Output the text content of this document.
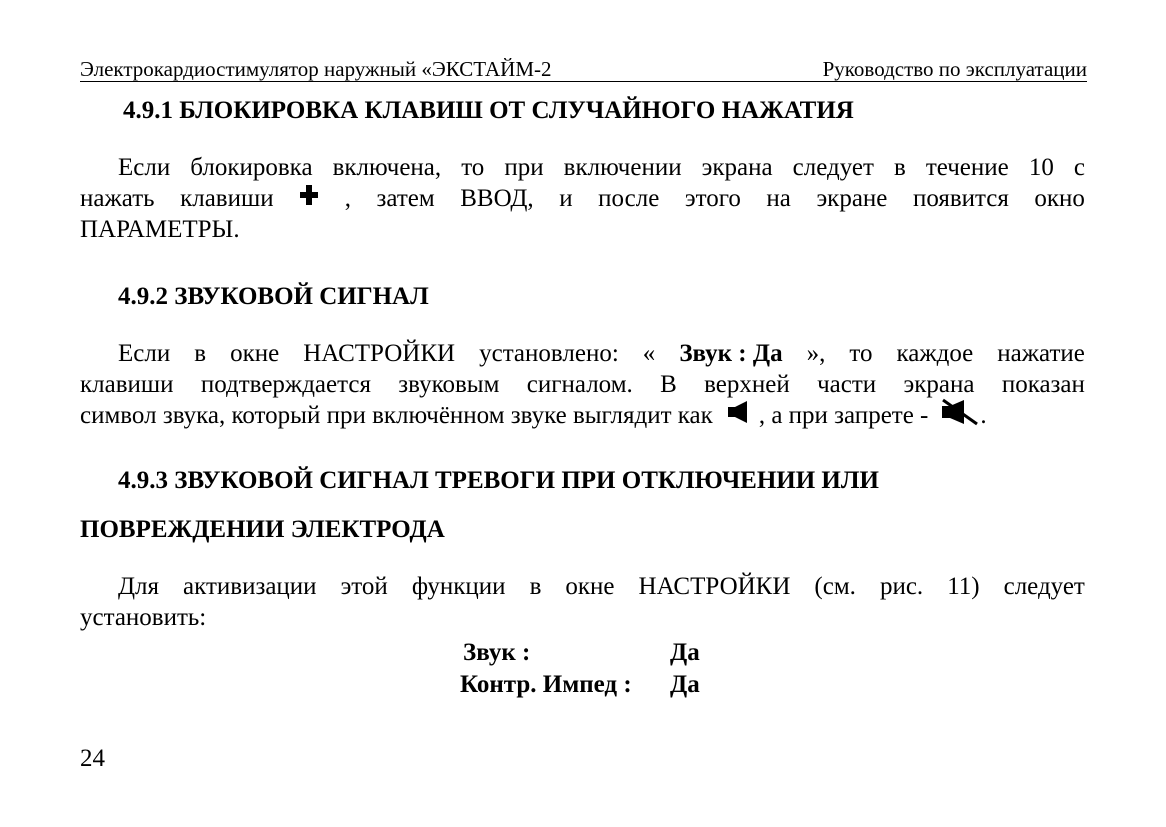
Электрокардиостимулятор наружный «ЭКСТАЙМ-2	Руководство по эксплуатации
4.9.1 БЛОКИРОВКА КЛАВИШ ОТ СЛУЧАЙНОГО НАЖАТИЯ
Если блокировка включена, то при включении экрана следует в течение 10 с
нажать клавиши	, затем ВВОД, и после этого на экране появится окно
ПАРАМЕТРЫ.
4.9.2 ЗВУКОВОЙ СИГНАЛ
Если в окне НАСТРОЙКИ установлено: « Звук : Да », то каждое нажатие
клавиши подтверждается звуковым сигналом. В верхней части экрана показан
символ звука, который при включённом звуке выглядит как , а при запрете - .
4.9.3 ЗВУКОВОЙ СИГНАЛ ТРЕВОГИ ПРИ ОТКЛЮЧЕНИИ ИЛИ
ПОВРЕЖДЕНИИ ЭЛЕКТРОДА
Для активизации этой функции в окне НАСТРОЙКИ (см. рис. 11) следует
установить:
Звук :	Да
Контр. Импед :	Да
24
